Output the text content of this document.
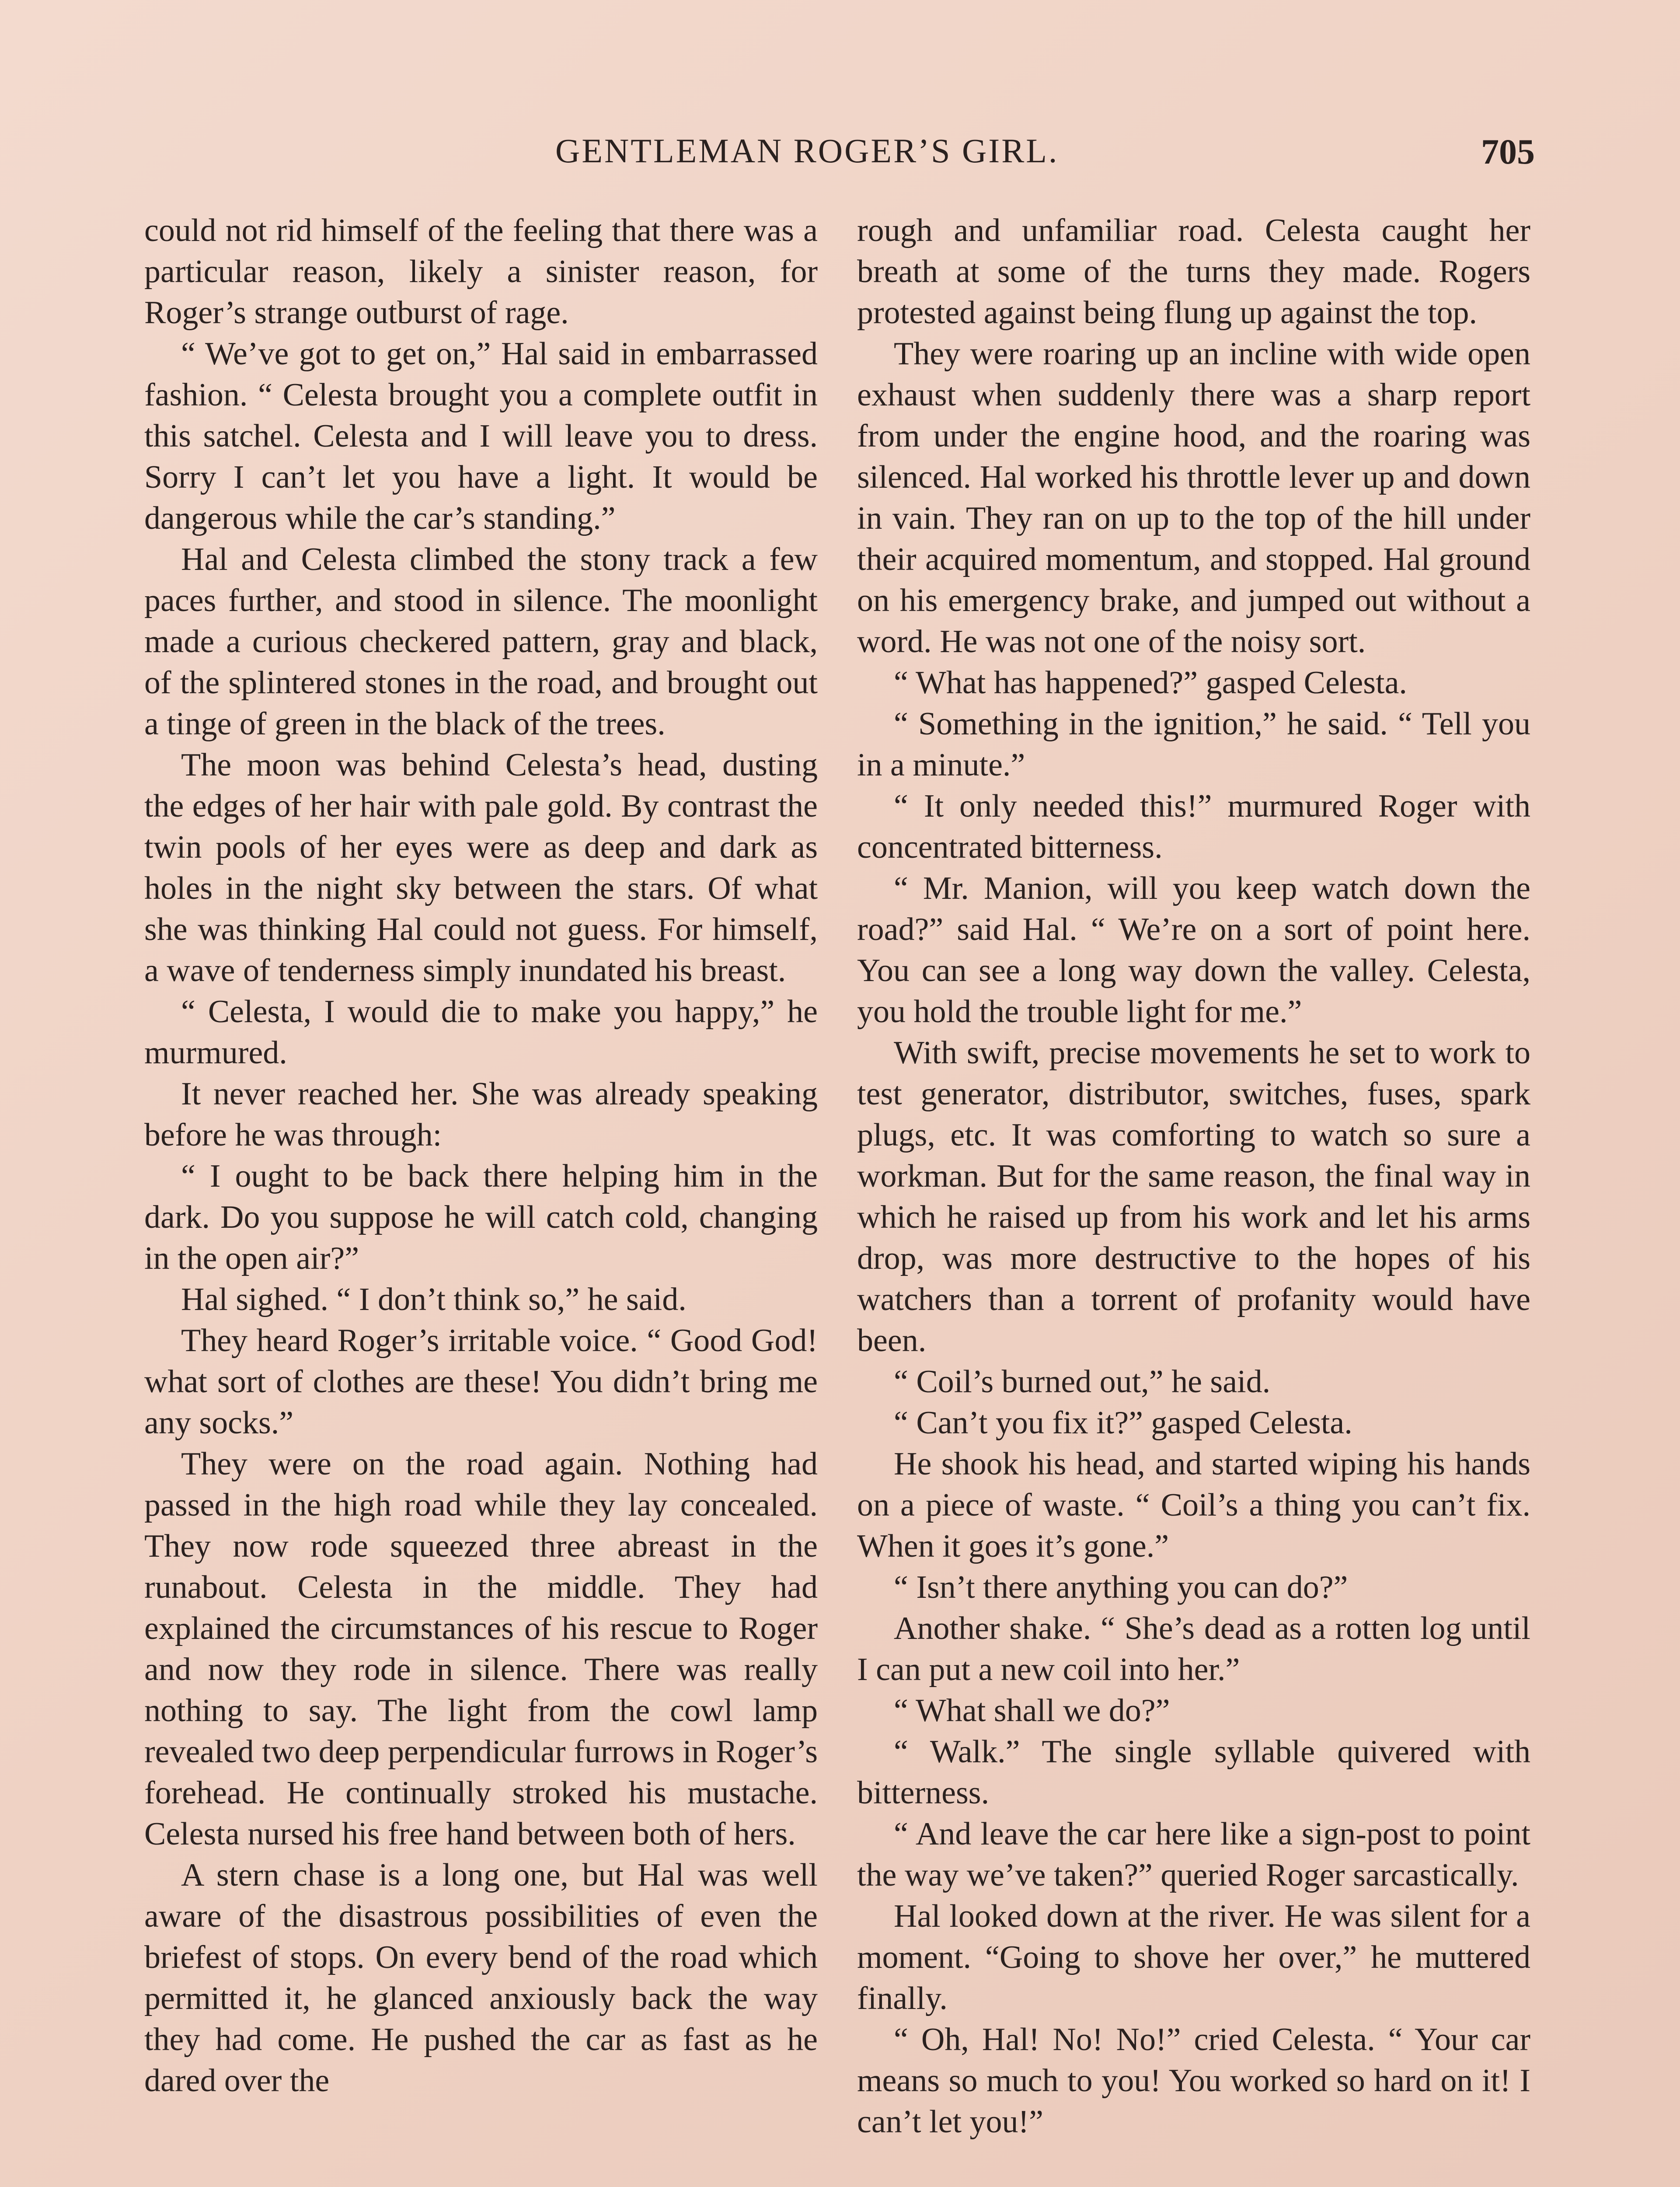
GENTLEMAN ROGER’S GIRL.	705

could not rid himself of the feeling that there was a particular reason, likely a sinister reason, for Roger’s strange outburst of rage.

“ We’ve got to get on,” Hal said in embarrassed fashion. “ Celesta brought you a complete outfit in this satchel. Celesta and I will leave you to dress. Sorry I can’t let you have a light. It would be dangerous while the car’s standing.”

Hal and Celesta climbed the stony track a few paces further, and stood in silence. The moonlight made a curious checkered pattern, gray and black, of the splintered stones in the road, and brought out a tinge of green in the black of the trees.

The moon was behind Celesta’s head, dusting the edges of her hair with pale gold. By contrast the twin pools of her eyes were as deep and dark as holes in the night sky between the stars. Of what she was thinking Hal could not guess. For himself, a wave of tenderness simply inundated his breast.

“ Celesta, I would die to make you happy,” he murmured.

It never reached her. She was already speaking before he was through:

“ I ought to be back there helping him in the dark. Do you suppose he will catch cold, changing in the open air?”

Hal sighed. “ I don’t think so,” he said.

They heard Roger’s irritable voice. “ Good God! what sort of clothes are these! You didn’t bring me any socks.”

They were on the road again. Nothing had passed in the high road while they lay concealed. They now rode squeezed three abreast in the runabout. Celesta in the middle. They had explained the circumstances of his rescue to Roger and now they rode in silence. There was really nothing to say. The light from the cowl lamp revealed two deep perpendicular furrows in Roger’s forehead. He continually stroked his mustache. Celesta nursed his free hand between both of hers.

A stern chase is a long one, but Hal was well aware of the disastrous possibilities of even the briefest of stops. On every bend of the road which permitted it, he glanced anxiously back the way they had come. He pushed the car as fast as he dared over the

rough and unfamiliar road. Celesta caught her breath at some of the turns they made. Rogers protested against being flung up against the top.

They were roaring up an incline with wide open exhaust when suddenly there was a sharp report from under the engine hood, and the roaring was silenced. Hal worked his throttle lever up and down in vain. They ran on up to the top of the hill under their acquired momentum, and stopped. Hal ground on his emergency brake, and jumped out without a word. He was not one of the noisy sort.

“ What has happened?” gasped Celesta.

“ Something in the ignition,” he said. “ Tell you in a minute.”

“ It only needed this!” murmured Roger with concentrated bitterness.

“ Mr. Manion, will you keep watch down the road?” said Hal. “ We’re on a sort of point here. You can see a long way down the valley. Celesta, you hold the trouble light for me.”

With swift, precise movements he set to work to test generator, distributor, switches, fuses, spark plugs, etc. It was comforting to watch so sure a workman. But for the same reason, the final way in which he raised up from his work and let his arms drop, was more destructive to the hopes of his watchers than a torrent of profanity would have been.

“ Coil’s burned out,” he said.

“ Can’t you fix it?” gasped Celesta.

He shook his head, and started wiping his hands on a piece of waste. “ Coil’s a thing you can’t fix. When it goes it’s gone.”

“ Isn’t there anything you can do?”

Another shake. “ She’s dead as a rotten log until I can put a new coil into her.”

“ What shall we do?”

“ Walk.” The single syllable quivered with bitterness.

“ And leave the car here like a sign-post to point the way we’ve taken?” queried Roger sarcastically.

Hal looked down at the river. He was silent for a moment. “Going to shove her over,” he muttered finally.

“ Oh, Hal! No! No!” cried Celesta. “ Your car means so much to you! You worked so hard on it! I can’t let you!”
